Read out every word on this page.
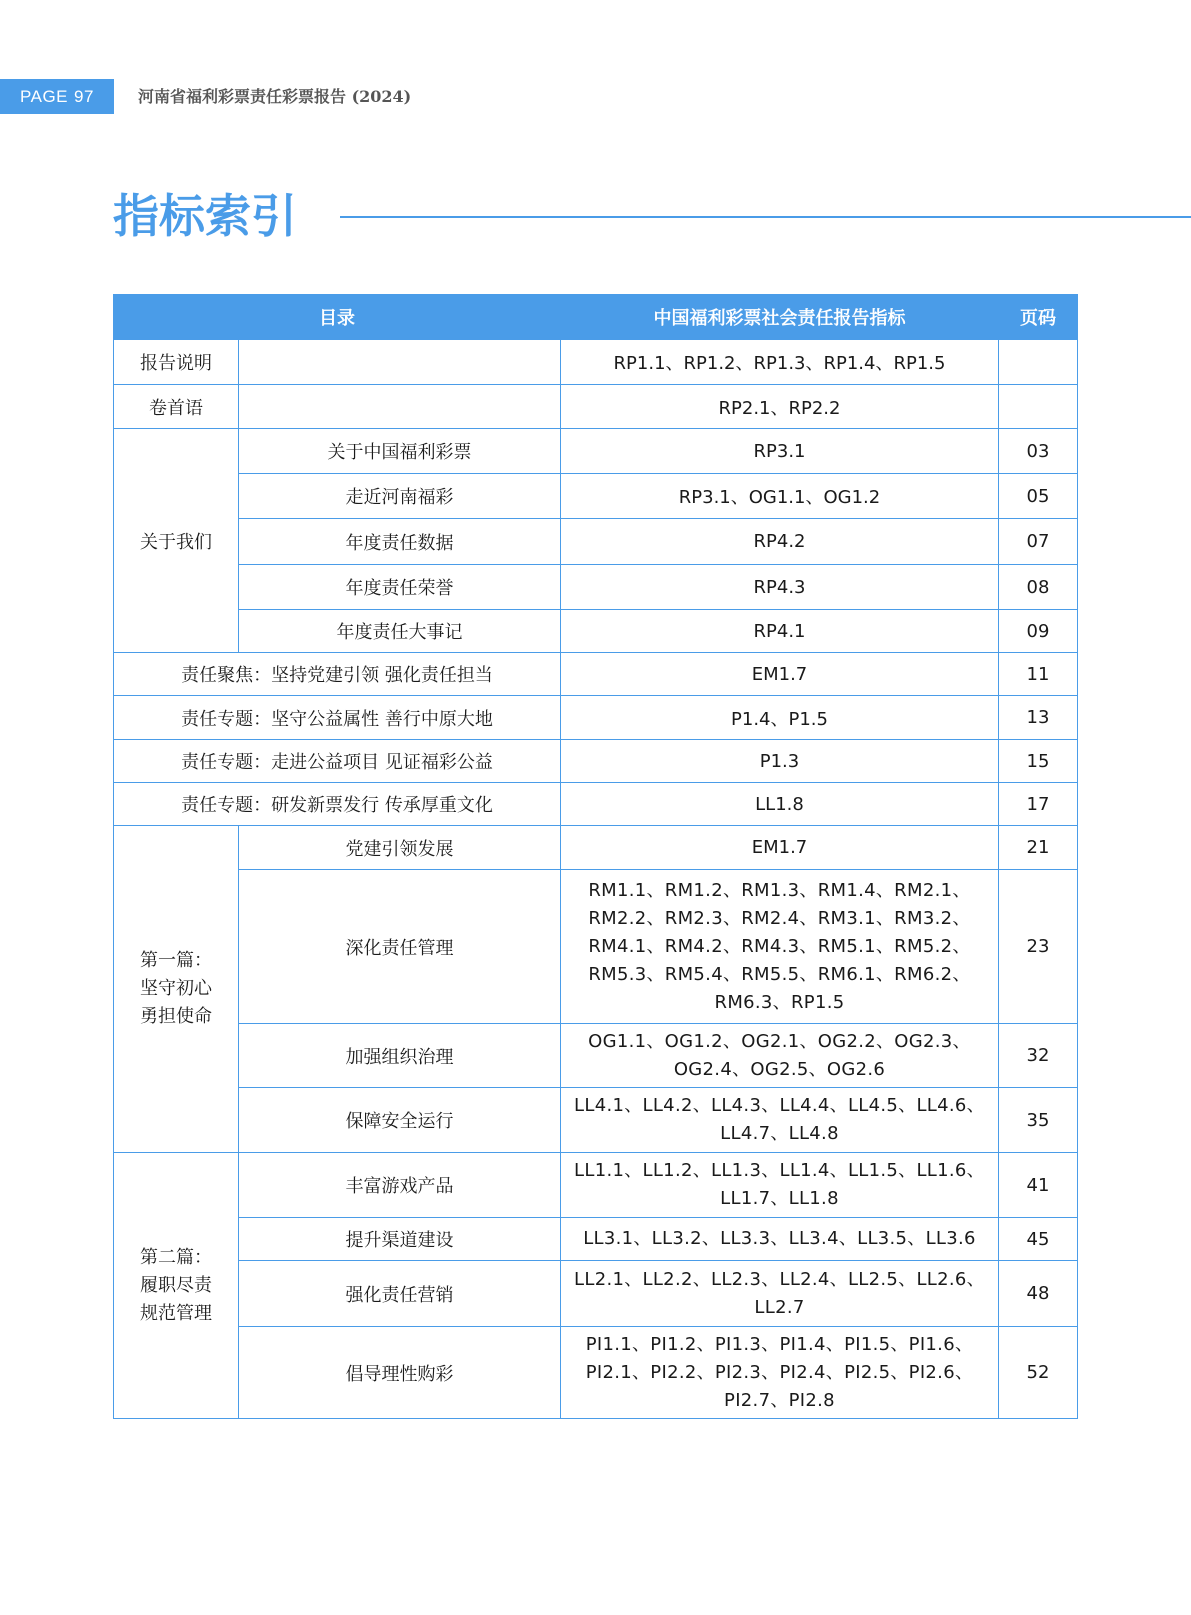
PAGE 97	河南省福利彩票责任彩票报告 (2024)
指标索引
目录		中国福利彩票社会责任报告指标	页码
报告说明		RP1.1、RP1.2、RP1.3、RP1.4、RP1.5	
卷首语		RP2.1、RP2.2	
关于我们	关于中国福利彩票	RP3.1	03
	走近河南福彩	RP3.1、OG1.1、OG1.2	05
	年度责任数据	RP4.2	07
	年度责任荣誉	RP4.3	08
	年度责任大事记	RP4.1	09
责任聚焦：坚持党建引领 强化责任担当		EM1.7	11
责任专题：坚守公益属性 善行中原大地		P1.4、P1.5	13
责任专题：走进公益项目 见证福彩公益		P1.3	15
责任专题：研发新票发行 传承厚重文化		LL1.8	17

第一篇：
坚守初心
勇担使命	党建引领发展	EM1.7	21
	深化责任管理	RM1.1、RM1.2、RM1.3、RM1.4、RM2.1、RM2.2、RM2.3、RM2.4、RM3.1、RM3.2、RM4.1、RM4.2、RM4.3、RM5.1、RM5.2、RM5.3、RM5.4、RM5.5、RM6.1、RM6.2、RM6.3、RP1.5	23
	加强组织治理	OG1.1、OG1.2、OG2.1、OG2.2、OG2.3、OG2.4、OG2.5、OG2.6	32
	保障安全运行	LL4.1、LL4.2、LL4.3、LL4.4、LL4.5、LL4.6、LL4.7、LL4.8	35

第二篇：
履职尽责
规范管理	丰富游戏产品	LL1.1、LL1.2、LL1.3、LL1.4、LL1.5、LL1.6、LL1.7、LL1.8	41
	提升渠道建设	LL3.1、LL3.2、LL3.3、LL3.4、LL3.5、LL3.6	45
	强化责任营销	LL2.1、LL2.2、LL2.3、LL2.4、LL2.5、LL2.6、LL2.7	48
	倡导理性购彩	PI1.1、PI1.2、PI1.3、PI1.4、PI1.5、PI1.6、PI2.1、PI2.2、PI2.3、PI2.4、PI2.5、PI2.6、PI2.7、PI2.8	52
